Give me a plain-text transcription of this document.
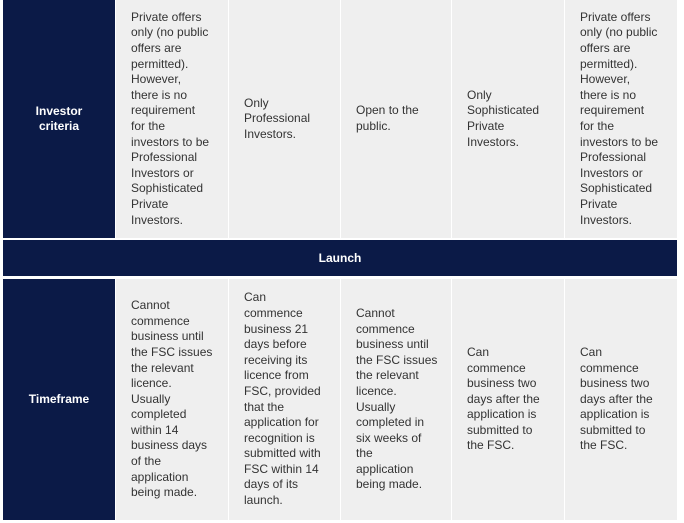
Investor
criteria
Private offers
only (no public
offers are
permitted).
However,
there is no
requirement
for the
investors to be
Professional
Investors or
Sophisticated
Private
Investors.
Only
Professional
Investors.
Open to the
public.
Only
Sophisticated
Private
Investors.
Private offers
only (no public
offers are
permitted).
However,
there is no
requirement
for the
investors to be
Professional
Investors or
Sophisticated
Private
Investors.
Launch
Timeframe
Cannot
commence
business until
the FSC issues
the relevant
licence.
Usually
completed
within 14
business days
of the
application
being made.
Can
commence
business 21
days before
receiving its
licence from
FSC, provided
that the
application for
recognition is
submitted with
FSC within 14
days of its
launch.
Cannot
commence
business until
the FSC issues
the relevant
licence.
Usually
completed in
six weeks of
the
application
being made.
Can
commence
business two
days after the
application is
submitted to
the FSC.
Can
commence
business two
days after the
application is
submitted to
the FSC.
